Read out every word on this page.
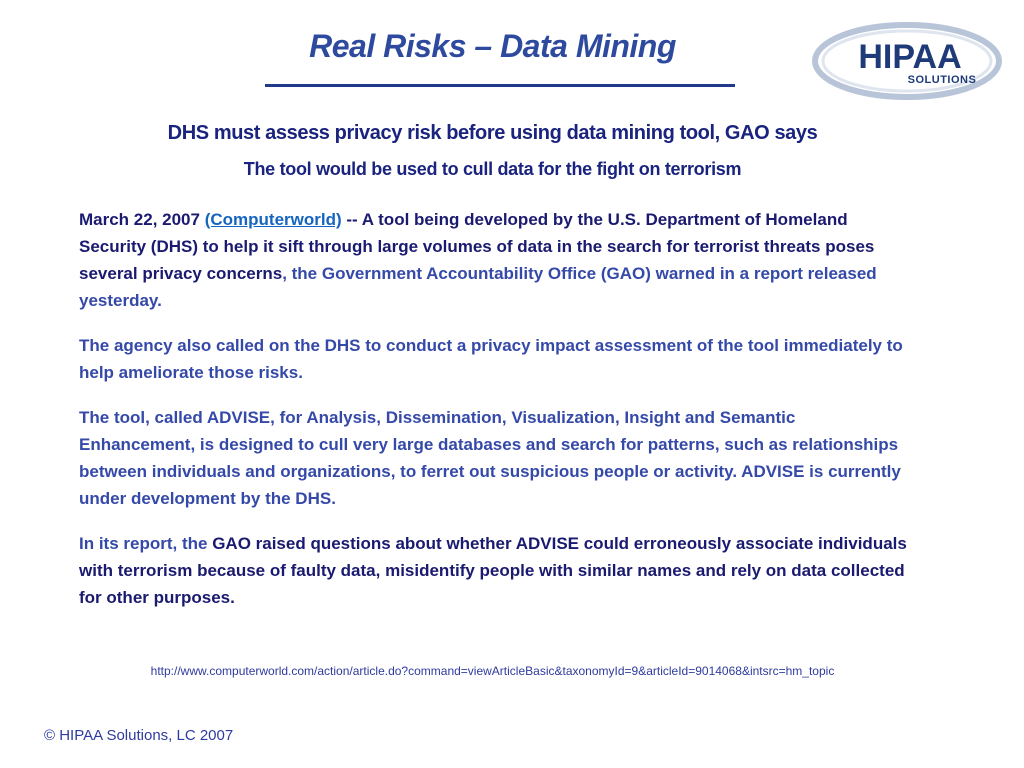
Real Risks – Data Mining	HIPAA
SOLUTIONS
DHS must assess privacy risk before using data mining tool, GAO says
The tool would be used to cull data for the fight on terrorism

March 22, 2007 (Computerworld) -- A tool being developed by the U.S. Department of Homeland Security (DHS) to help it sift through large volumes of data in the search for terrorist threats poses several privacy concerns, the Government Accountability Office (GAO) warned in a report released yesterday.

The agency also called on the DHS to conduct a privacy impact assessment of the tool immediately to help ameliorate those risks.

The tool, called ADVISE, for Analysis, Dissemination, Visualization, Insight and Semantic Enhancement, is designed to cull very large databases and search for patterns, such as relationships between individuals and organizations, to ferret out suspicious people or activity. ADVISE is currently under development by the DHS.

In its report, the GAO raised questions about whether ADVISE could erroneously associate individuals with terrorism because of faulty data, misidentify people with similar names and rely on data collected for other purposes.

http://www.computerworld.com/action/article.do?command=viewArticleBasic&taxonomyId=9&articleId=9014068&intsrc=hm_topic
© HIPAA Solutions, LC 2007
